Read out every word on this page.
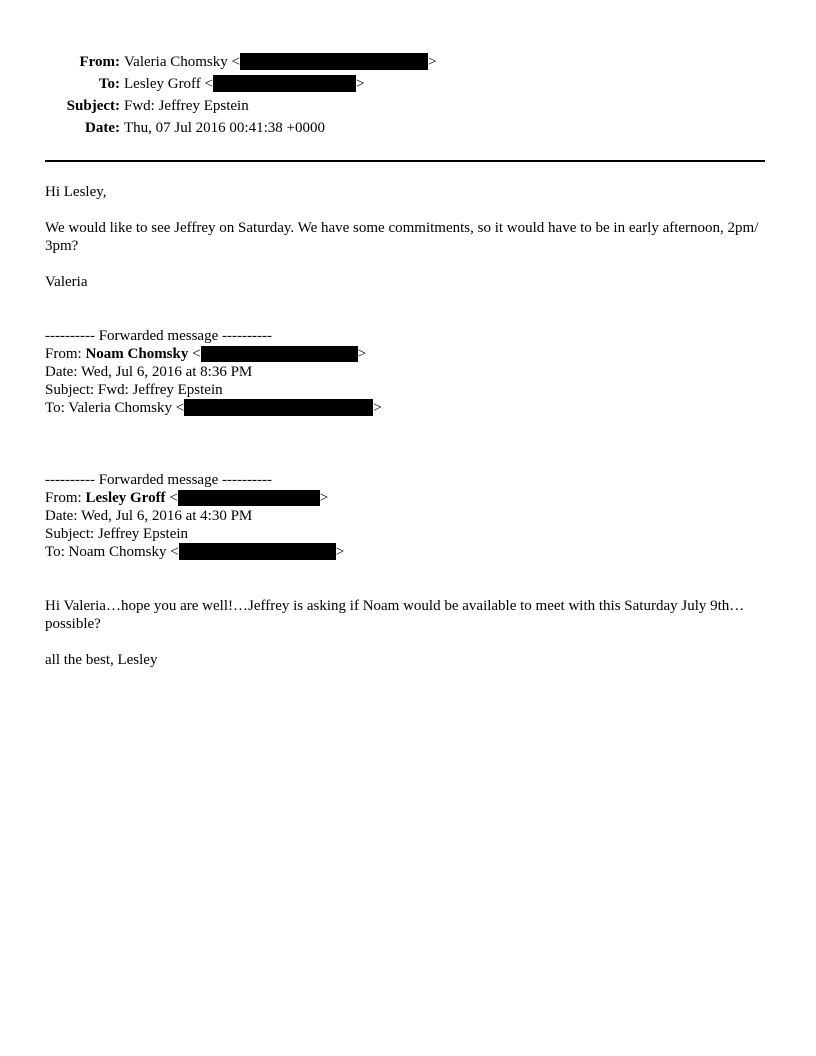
From: Valeria Chomsky <	>
To: Lesley Groff <	>
Subject: Fwd: Jeffrey Epstein
Date: Thu, 07 Jul 2016 00:41:38 +0000
Hi Lesley,
We would like to see Jeffrey on Saturday. We have some commitments, so it would have to be in early afternoon, 2pm/ 3pm?
Valeria
---------- Forwarded message ----------
From: Noam Chomsky <	>
Date: Wed, Jul 6, 2016 at 8:36 PM
Subject: Fwd: Jeffrey Epstein
To: Valeria Chomsky <	>
---------- Forwarded message ----------
From: Lesley Groff <	>
Date: Wed, Jul 6, 2016 at 4:30 PM
Subject: Jeffrey Epstein
To: Noam Chomsky <	>
Hi Valeria…hope you are well!…Jeffrey is asking if Noam would be available to meet with this Saturday July 9th…possible?
all the best, Lesley
